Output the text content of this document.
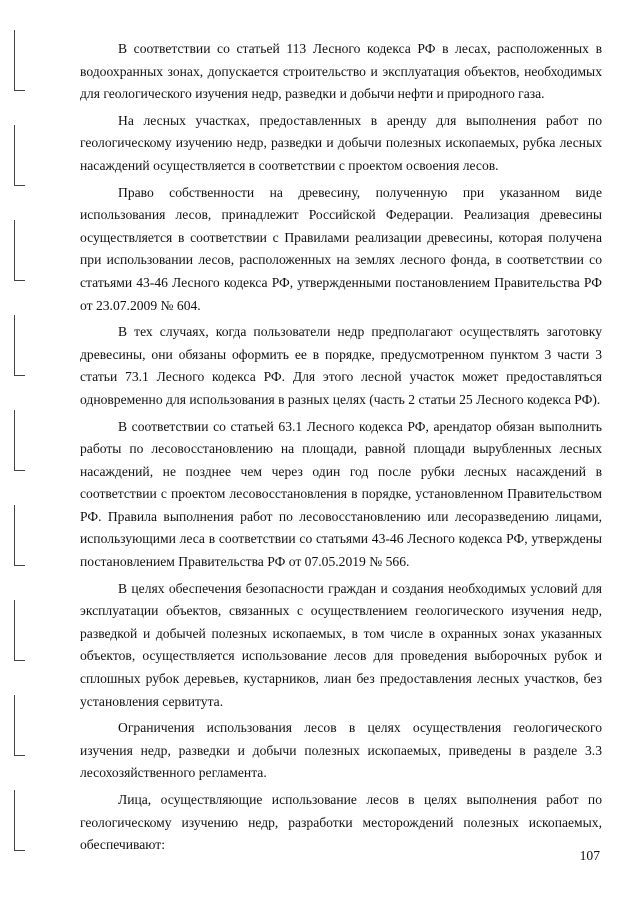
В соответствии со статьей 113 Лесного кодекса РФ в лесах, расположенных в водоохранных зонах, допускается строительство и эксплуатация объектов, необходимых для геологического изучения недр, разведки и добычи нефти и природного газа.

На лесных участках, предоставленных в аренду для выполнения работ по геологическому изучению недр, разведки и добычи полезных ископаемых, рубка лесных насаждений осуществляется в соответствии с проектом освоения лесов.

Право собственности на древесину, полученную при указанном виде использования лесов, принадлежит Российской Федерации. Реализация древесины осуществляется в соответствии с Правилами реализации древесины, которая получена при использовании лесов, расположенных на землях лесного фонда, в соответствии со статьями 43-46 Лесного кодекса РФ, утвержденными постановлением Правительства РФ от 23.07.2009 № 604.

В тех случаях, когда пользователи недр предполагают осуществлять заготовку древесины, они обязаны оформить ее в порядке, предусмотренном пунктом 3 части 3 статьи 73.1 Лесного кодекса РФ. Для этого лесной участок может предоставляться одновременно для использования в разных целях (часть 2 статьи 25 Лесного кодекса РФ).

В соответствии со статьей 63.1 Лесного кодекса РФ, арендатор обязан выполнить работы по лесовосстановлению на площади, равной площади вырубленных лесных насаждений, не позднее чем через один год после рубки лесных насаждений в соответствии с проектом лесовосстановления в порядке, установленном Правительством РФ. Правила выполнения работ по лесовосстановлению или лесоразведению лицами, использующими леса в соответствии со статьями 43-46 Лесного кодекса РФ, утверждены постановлением Правительства РФ от 07.05.2019 № 566.

В целях обеспечения безопасности граждан и создания необходимых условий для эксплуатации объектов, связанных с осуществлением геологического изучения недр, разведкой и добычей полезных ископаемых, в том числе в охранных зонах указанных объектов, осуществляется использование лесов для проведения выборочных рубок и сплошных рубок деревьев, кустарников, лиан без предоставления лесных участков, без установления сервитута.

Ограничения использования лесов в целях осуществления геологического изучения недр, разведки и добычи полезных ископаемых, приведены в разделе 3.3 лесохозяйственного регламента.

Лица, осуществляющие использование лесов в целях выполнения работ по геологическому изучению недр, разработки месторождений полезных ископаемых, обеспечивают:

107
